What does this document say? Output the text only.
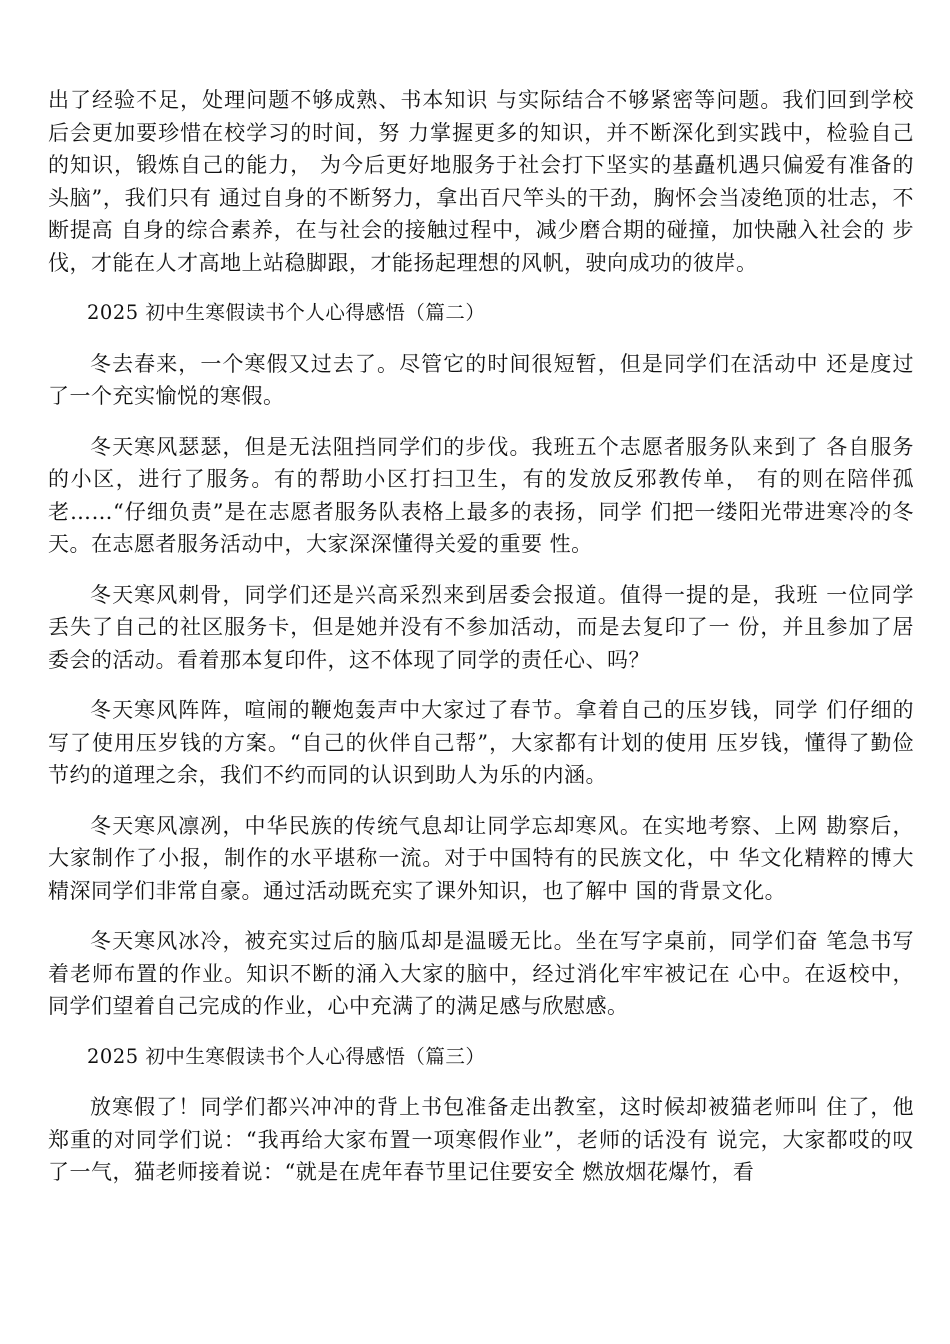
出了经验不足，处理问题不够成熟、书本知识 与实际结合不够紧密等问题。我们回到学校后会更加要珍惜在校学习的时间，努 力掌握更多的知识，并不断深化到实践中，检验自己的知识，锻炼自己的能力， 为今后更好地服务于社会打下坚实的基矗机遇只偏爱有准备的头脑”，我们只有 通过自身的不断努力，拿出百尺竿头的干劲，胸怀会当凌绝顶的壮志，不断提高 自身的综合素养，在与社会的接触过程中，减少磨合期的碰撞，加快融入社会的 步伐，才能在人才高地上站稳脚跟，才能扬起理想的风帆，驶向成功的彼岸。

2025 初中生寒假读书个人心得感悟（篇二）

冬去春来，一个寒假又过去了。尽管它的时间很短暂，但是同学们在活动中 还是度过了一个充实愉悦的寒假。

冬天寒风瑟瑟，但是无法阻挡同学们的步伐。我班五个志愿者服务队来到了 各自服务的小区，进行了服务。有的帮助小区打扫卫生，有的发放反邪教传单， 有的则在陪伴孤老……“仔细负责”是在志愿者服务队表格上最多的表扬，同学 们把一缕阳光带进寒冷的冬天。在志愿者服务活动中，大家深深懂得关爱的重要 性。

冬天寒风刺骨，同学们还是兴高采烈来到居委会报道。值得一提的是，我班 一位同学丢失了自己的社区服务卡，但是她并没有不参加活动，而是去复印了一 份，并且参加了居委会的活动。看着那本复印件，这不体现了同学的责任心、吗？

冬天寒风阵阵，喧闹的鞭炮轰声中大家过了春节。拿着自己的压岁钱，同学 们仔细的写了使用压岁钱的方案。“自己的伙伴自己帮”，大家都有计划的使用 压岁钱，懂得了勤俭节约的道理之余，我们不约而同的认识到助人为乐的内涵。

冬天寒风凛冽，中华民族的传统气息却让同学忘却寒风。在实地考察、上网 勘察后，大家制作了小报，制作的水平堪称一流。对于中国特有的民族文化，中 华文化精粹的博大精深同学们非常自豪。通过活动既充实了课外知识，也了解中 国的背景文化。

冬天寒风冰冷，被充实过后的脑瓜却是温暖无比。坐在写字桌前，同学们奋 笔急书写着老师布置的作业。知识不断的涌入大家的脑中，经过消化牢牢被记在 心中。在返校中，同学们望着自己完成的作业，心中充满了的满足感与欣慰感。

2025 初中生寒假读书个人心得感悟（篇三）

放寒假了！同学们都兴冲冲的背上书包准备走出教室，这时候却被猫老师叫 住了，他郑重的对同学们说：“我再给大家布置一项寒假作业”，老师的话没有 说完，大家都哎的叹了一气，猫老师接着说：“就是在虎年春节里记住要安全 燃放烟花爆竹，看
